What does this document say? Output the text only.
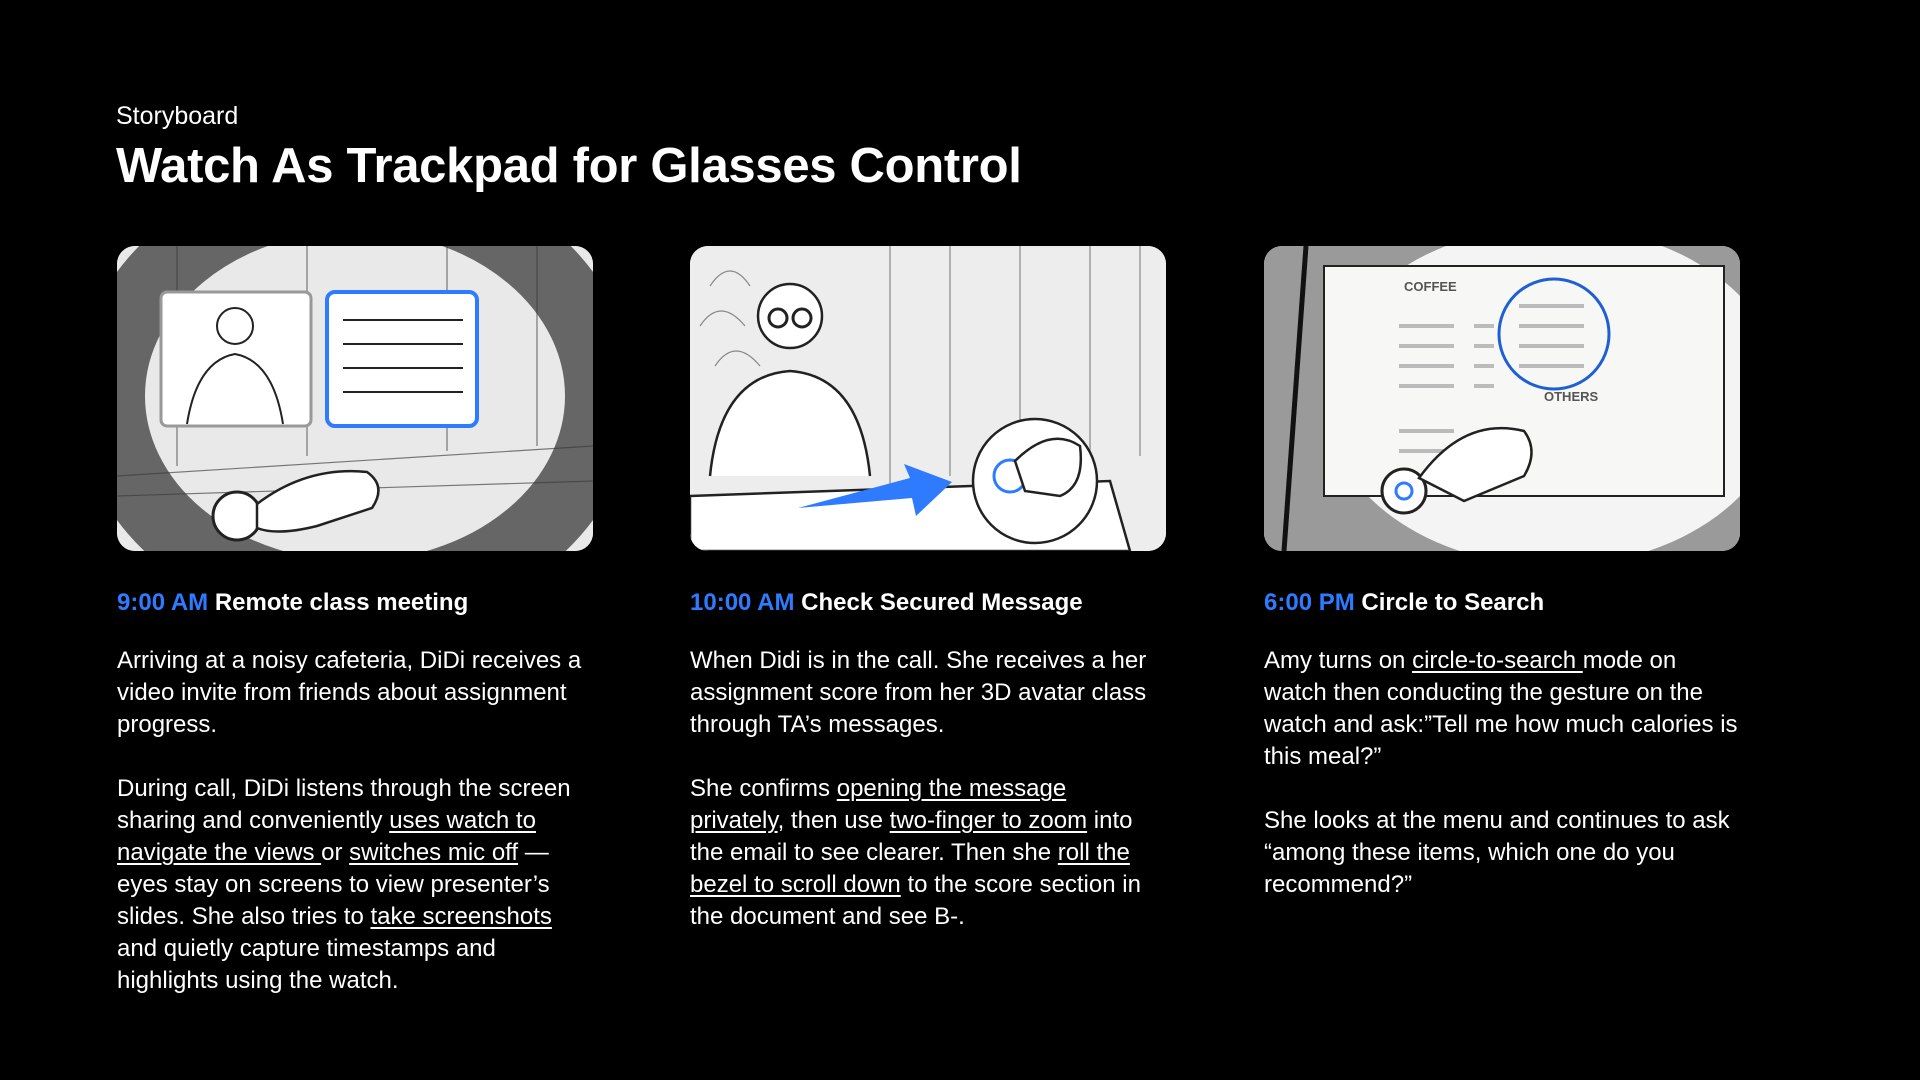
Storyboard
Watch As Trackpad for Glasses Control
9:00 AM Remote class meeting

Arriving at a noisy cafeteria, DiDi receives a video invite from friends about assignment progress.

During call, DiDi listens through the screen sharing and conveniently uses watch to navigate the views or switches mic off — eyes stay on screens to view presenter’s slides. She also tries to take screenshots and quietly capture timestamps and highlights using the watch.

10:00 AM Check Secured Message

When Didi is in the call. She receives a her assignment score from her 3D avatar class through TA’s messages.

She confirms opening the message privately, then use two-finger to zoom into the email to see clearer. Then she roll the bezel to scroll down to the score section in the document and see B-.

COFFEE
OTHERS
6:00 PM Circle to Search

Amy turns on circle-to-search mode on watch then conducting the gesture on the watch and ask:”Tell me how much calories is this meal?”

She looks at the menu and continues to ask “among these items, which one do you recommend?”
